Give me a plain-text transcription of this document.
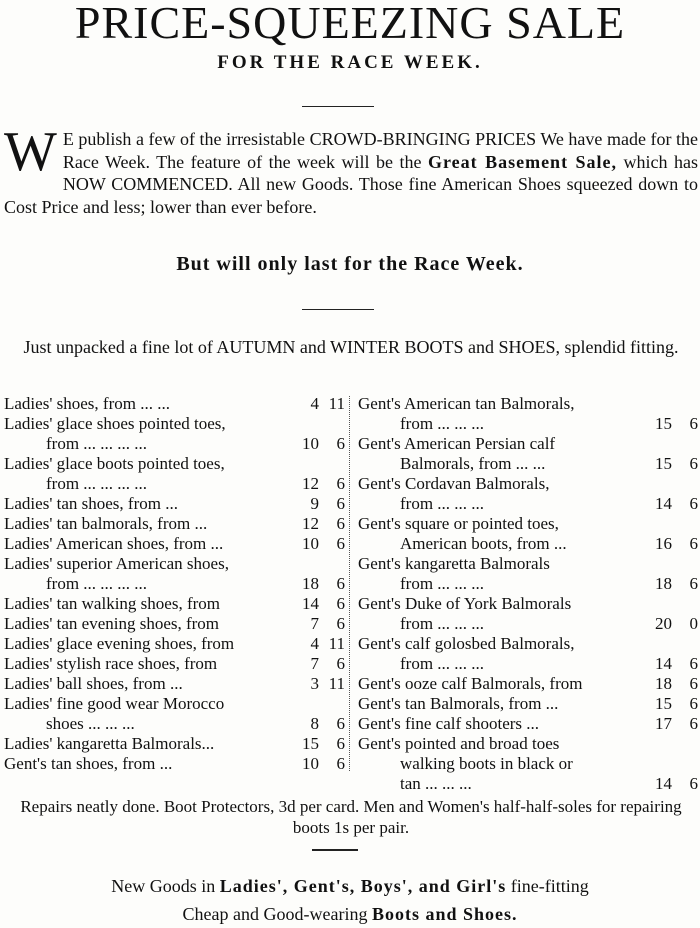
PRICE-SQUEEZING SALE
FOR THE RACE WEEK.

W E publish a few of the irresistable CROWD-BRINGING PRICES We have made for the Race Week. The feature of the week will be the Great Basement Sale, which has NOW COMMENCED. All new Goods. Those fine American Shoes squeezed down to Cost Price and less; lower than ever before.

But will only last for the Race Week.
Just unpacked a fine lot of AUTUMN and WINTER BOOTS and SHOES, splendid fitting.
Ladies' shoes, from ... ...	4 11
Ladies' glace shoes pointed toes,
from ... ... ... ...	10	6
Ladies' glace boots pointed toes,
from ... ... ... ...	12	6
Ladies' tan shoes, from ...	9	6
Ladies' tan balmorals, from ...	12	6
Ladies' American shoes, from ...	10	6
Ladies' superior American shoes,
from ... ... ... ...	18	6
Ladies' tan walking shoes, from	14	6
Ladies' tan evening shoes, from	7	6
Ladies' glace evening shoes, from	4 11
Ladies' stylish race shoes, from	7	6
Ladies' ball shoes, from ...	3 11
Ladies' fine good wear Morocco
shoes ... ... ...	8	6
Ladies' kangaretta Balmorals...	15	6
Gent's tan shoes, from ...	10	6
Gent's American tan Balmorals,
from ... ... ...	15	6
Gent's American Persian calf
Balmorals, from ... ...	15	6
Gent's Cordavan Balmorals,
from ... ... ...	14	6
Gent's square or pointed toes,
American boots, from ...	16	6
Gent's kangaretta Balmorals
from ... ... ...	18	6
Gent's Duke of York Balmorals
from ... ... ...	20	0
Gent's calf golosbed Balmorals,
from ... ... ...	14	6
Gent's ooze calf Balmorals, from	18	6
Gent's tan Balmorals, from ...	15	6
Gent's fine calf shooters ...	17	6
Gent's pointed and broad toes
walking boots in black or
tan ... ... ...	14	6
Repairs neatly done. Boot Protectors, 3d per card. Men and Women's half-half-soles for repairing boots 1s per pair.
New Goods in Ladies', Gent's, Boys', and Girl's fine-fitting
Cheap and Good-wearing Boots and Shoes.
